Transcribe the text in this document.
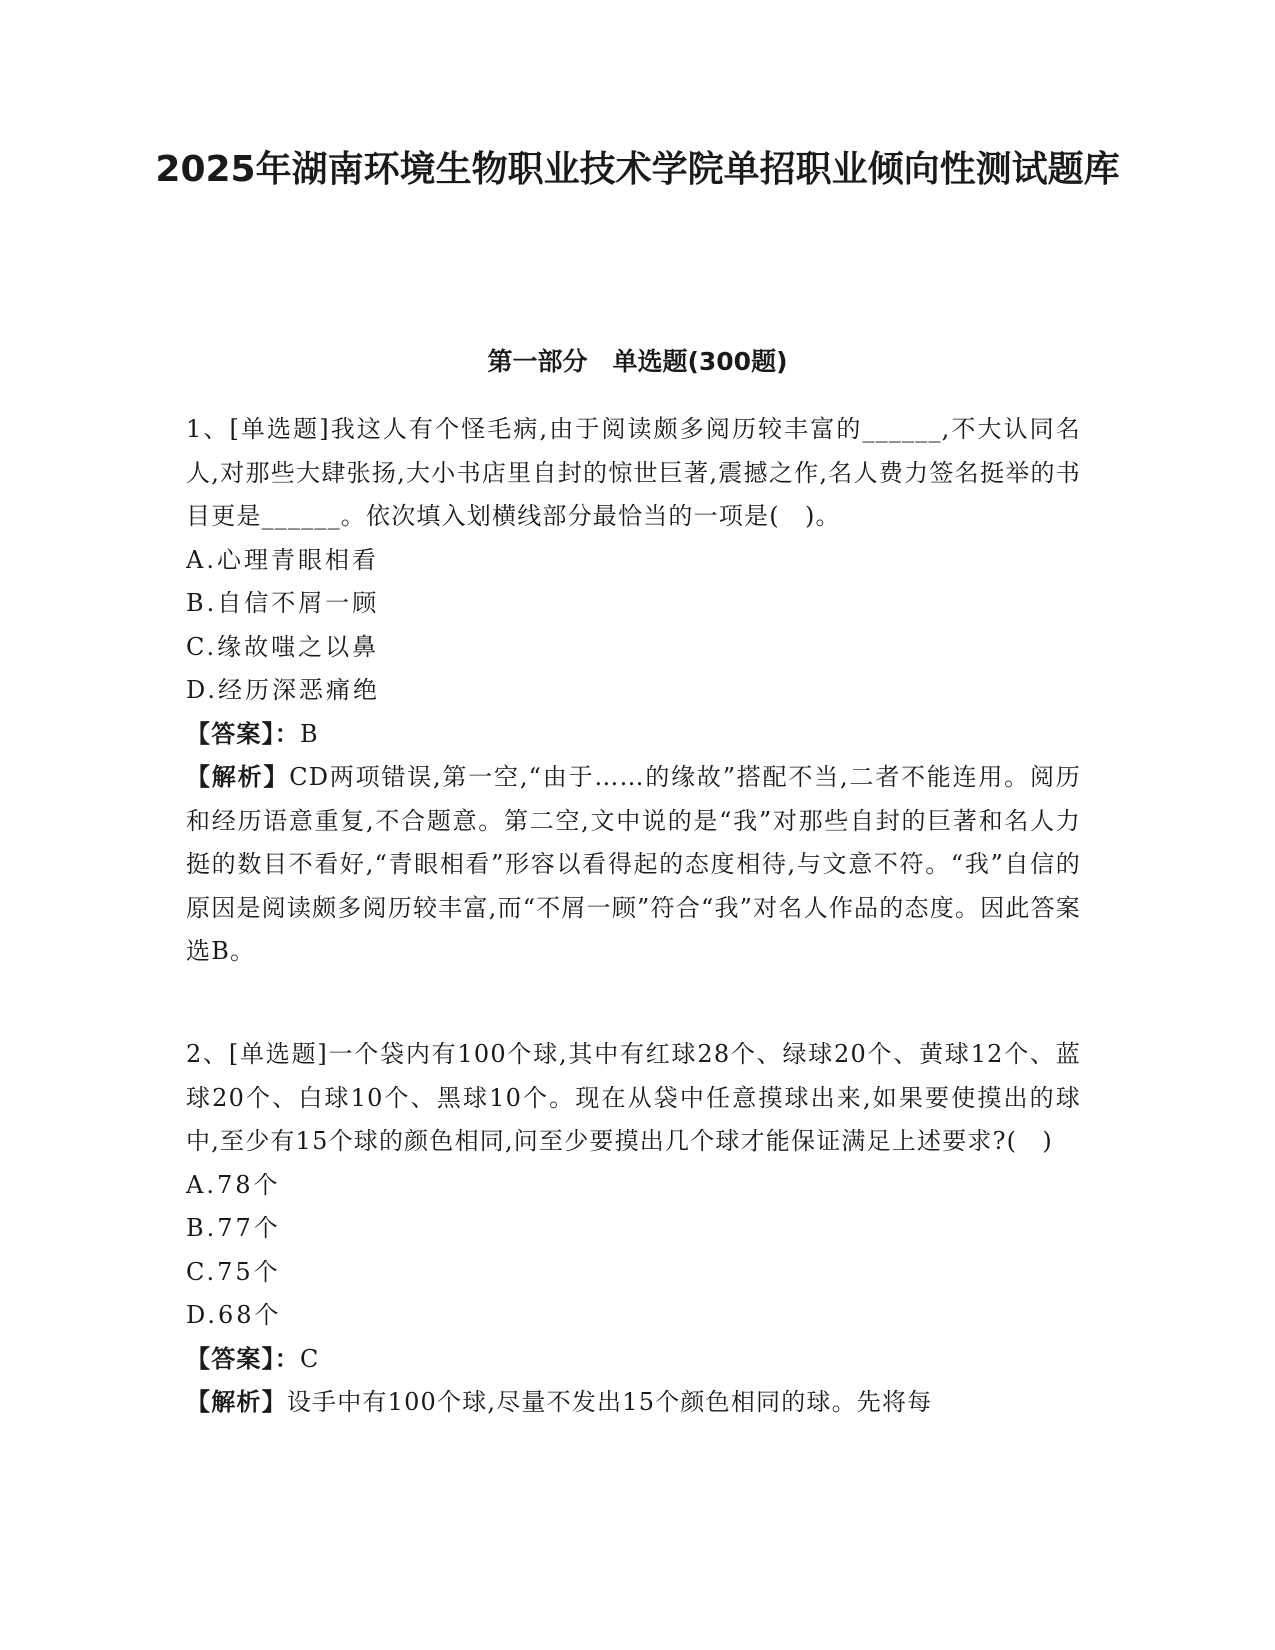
2025年湖南环境生物职业技术学院单招职业倾向性测试题库
第一部分　单选题(300题)

1、[单选题]我这人有个怪毛病,由于阅读颇多阅历较丰富的______,不大认同名人,对那些大肆张扬,大小书店里自封的惊世巨著,震撼之作,名人费力签名挺举的书目更是______。依次填入划横线部分最恰当的一项是(　)。

A.心理青眼相看

B.自信不屑一顾

C.缘故嗤之以鼻

D.经历深恶痛绝

【答案】：B

【解析】CD两项错误,第一空,“由于……的缘故”搭配不当,二者不能连用。阅历和经历语意重复,不合题意。第二空,文中说的是“我”对那些自封的巨著和名人力挺的数目不看好,“青眼相看”形容以看得起的态度相待,与文意不符。“我”自信的原因是阅读颇多阅历较丰富,而“不屑一顾”符合“我”对名人作品的态度。因此答案选B。

2、[单选题]一个袋内有100个球,其中有红球28个、绿球20个、黄球12个、蓝球20个、白球10个、黑球10个。现在从袋中任意摸球出来,如果要使摸出的球中,至少有15个球的颜色相同,问至少要摸出几个球才能保证满足上述要求?(　)

A.78个

B.77个

C.75个

D.68个

【答案】：C

【解析】设手中有100个球,尽量不发出15个颜色相同的球。先将每
